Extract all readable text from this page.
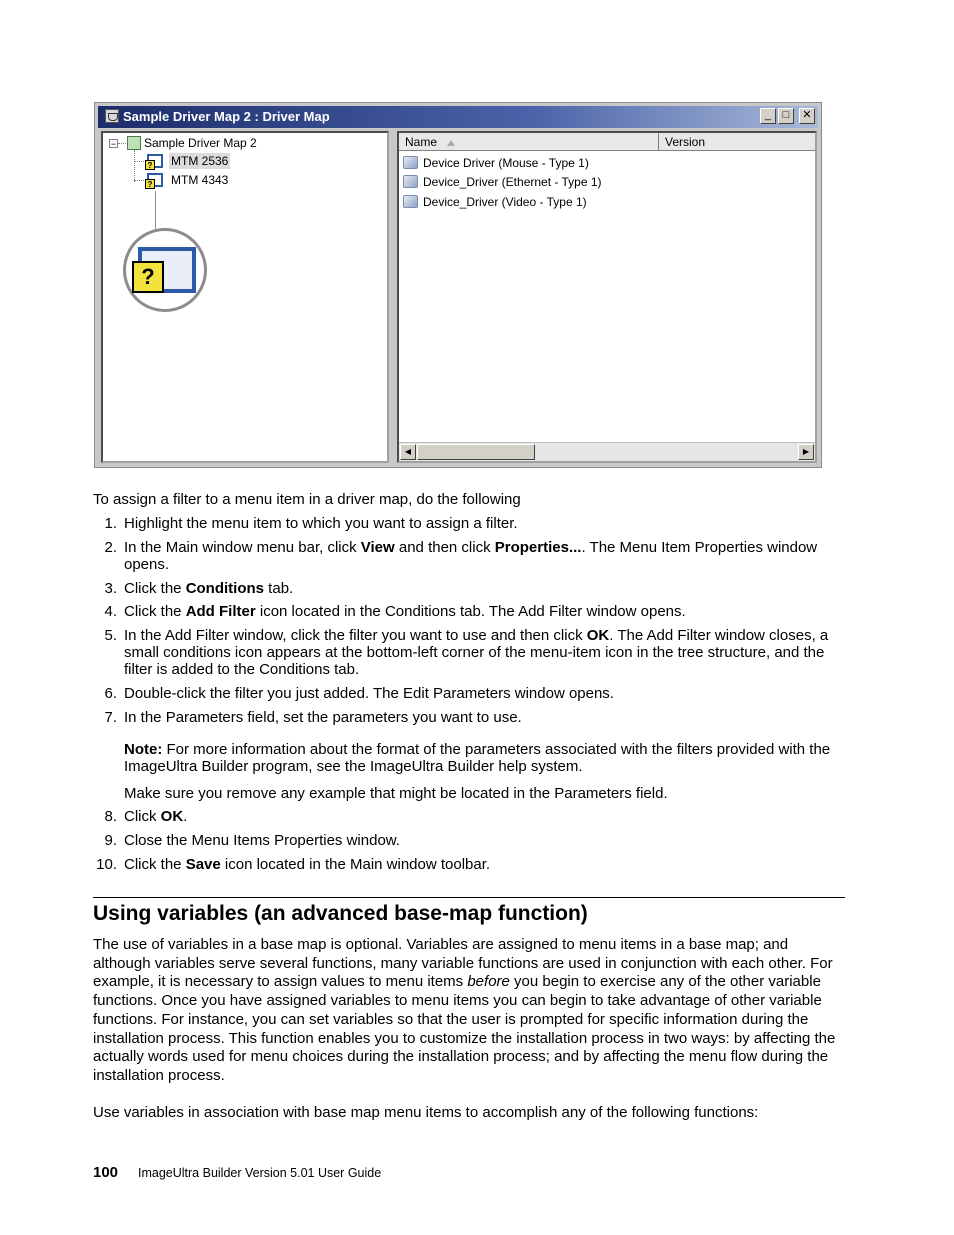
Sample Driver Map 2 : Driver Map	_	□	✕
− Sample Driver Map 2
? MTM 2536
? MTM 4343
?
Name	Version
Device Driver (Mouse - Type 1)
Device_Driver (Ethernet - Type 1)
Device_Driver (Video - Type 1)
◀	▶
To assign a filter to a menu item in a driver map, do the following
1. Highlight the menu item to which you want to assign a filter.
2. In the Main window menu bar, click View and then click Properties.... The Menu Item Properties window opens.
3. Click the Conditions tab.
4. Click the Add Filter icon located in the Conditions tab. The Add Filter window opens.
5. In the Add Filter window, click the filter you want to use and then click OK. The Add Filter window closes, a small conditions icon appears at the bottom-left corner of the menu-item icon in the tree structure, and the filter is added to the Conditions tab.
6. Double-click the filter you just added. The Edit Parameters window opens.
7. In the Parameters field, set the parameters you want to use.
Note: For more information about the format of the parameters associated with the filters provided with the ImageUltra Builder program, see the ImageUltra Builder help system.
Make sure you remove any example that might be located in the Parameters field.
8. Click OK.
9. Close the Menu Items Properties window.
10. Click the Save icon located in the Main window toolbar.
Using variables (an advanced base-map function)
The use of variables in a base map is optional. Variables are assigned to menu items in a base map; and although variables serve several functions, many variable functions are used in conjunction with each other. For example, it is necessary to assign values to menu items before you begin to exercise any of the other variable functions. Once you have assigned variables to menu items you can begin to take advantage of other variable functions. For instance, you can set variables so that the user is prompted for specific information during the installation process. This function enables you to customize the installation process in two ways: by affecting the actually words used for menu choices during the installation process; and by affecting the menu flow during the installation process.
Use variables in association with base map menu items to accomplish any of the following functions:
100 ImageUltra Builder Version 5.01 User Guide
